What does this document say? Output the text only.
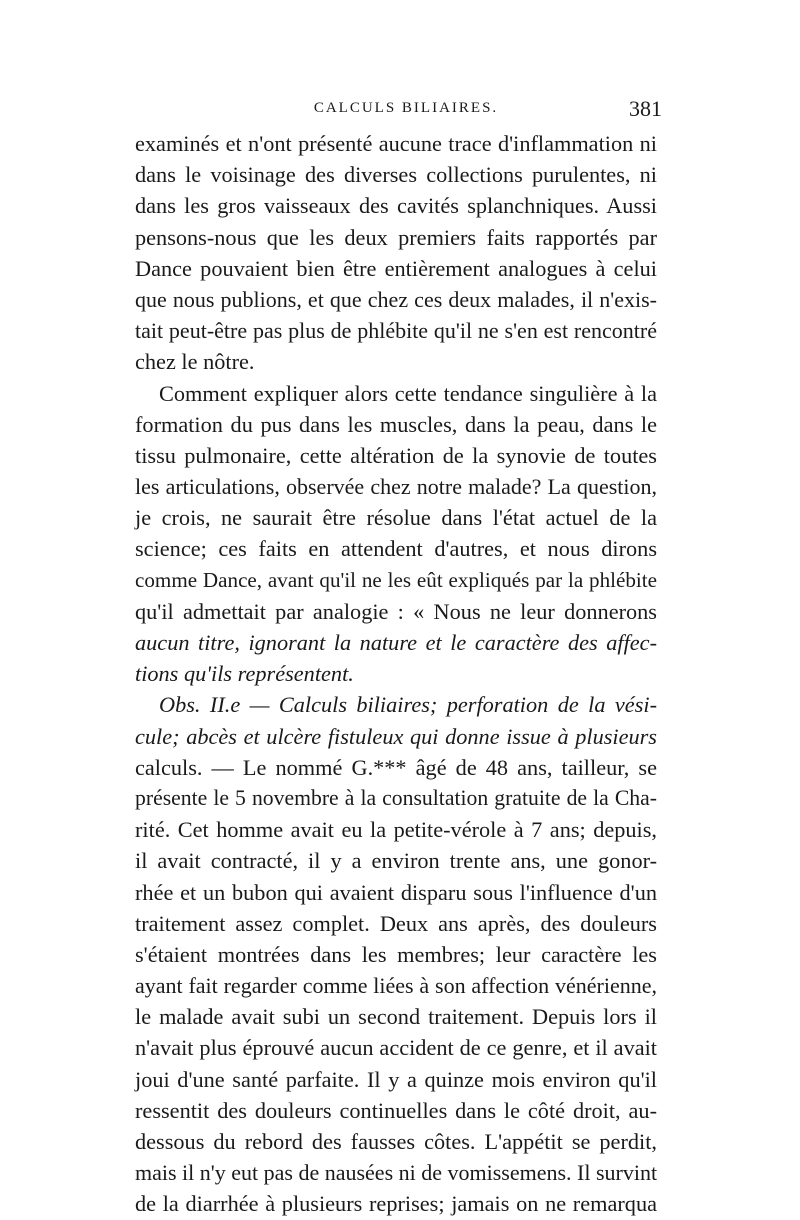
CALCULS BILIAIRES.	381
examinés et n'ont présenté aucune trace d'inflammation ni
dans le voisinage des diverses collections purulentes, ni
dans les gros vaisseaux des cavités splanchniques. Aussi
pensons-nous que les deux premiers faits rapportés par
Dance pouvaient bien être entièrement analogues à celui
que nous publions, et que chez ces deux malades, il n'exis-
tait peut-être pas plus de phlébite qu'il ne s'en est rencontré
chez le nôtre.
Comment expliquer alors cette tendance singulière à la
formation du pus dans les muscles, dans la peau, dans le
tissu pulmonaire, cette altération de la synovie de toutes
les articulations, observée chez notre malade? La question,
je crois, ne saurait être résolue dans l'état actuel de la
science; ces faits en attendent d'autres, et nous dirons
comme Dance, avant qu'il ne les eût expliqués par la phlébite
qu'il admettait par analogie : « Nous ne leur donnerons
aucun titre, ignorant la nature et le caractère des affec-
tions qu'ils représentent.
Obs. II.e — Calculs biliaires; perforation de la vési-
cule; abcès et ulcère fistuleux qui donne issue à plusieurs
calculs. — Le nommé G.*** âgé de 48 ans, tailleur, se
présente le 5 novembre à la consultation gratuite de la Cha-
rité. Cet homme avait eu la petite-vérole à 7 ans; depuis,
il avait contracté, il y a environ trente ans, une gonor-
rhée et un bubon qui avaient disparu sous l'influence d'un
traitement assez complet. Deux ans après, des douleurs
s'étaient montrées dans les membres; leur caractère les
ayant fait regarder comme liées à son affection vénérienne,
le malade avait subi un second traitement. Depuis lors il
n'avait plus éprouvé aucun accident de ce genre, et il avait
joui d'une santé parfaite. Il y a quinze mois environ qu'il
ressentit des douleurs continuelles dans le côté droit, au-
dessous du rebord des fausses côtes. L'appétit se perdit,
mais il n'y eut pas de nausées ni de vomissemens. Il survint
de la diarrhée à plusieurs reprises; jamais on ne remarqua
